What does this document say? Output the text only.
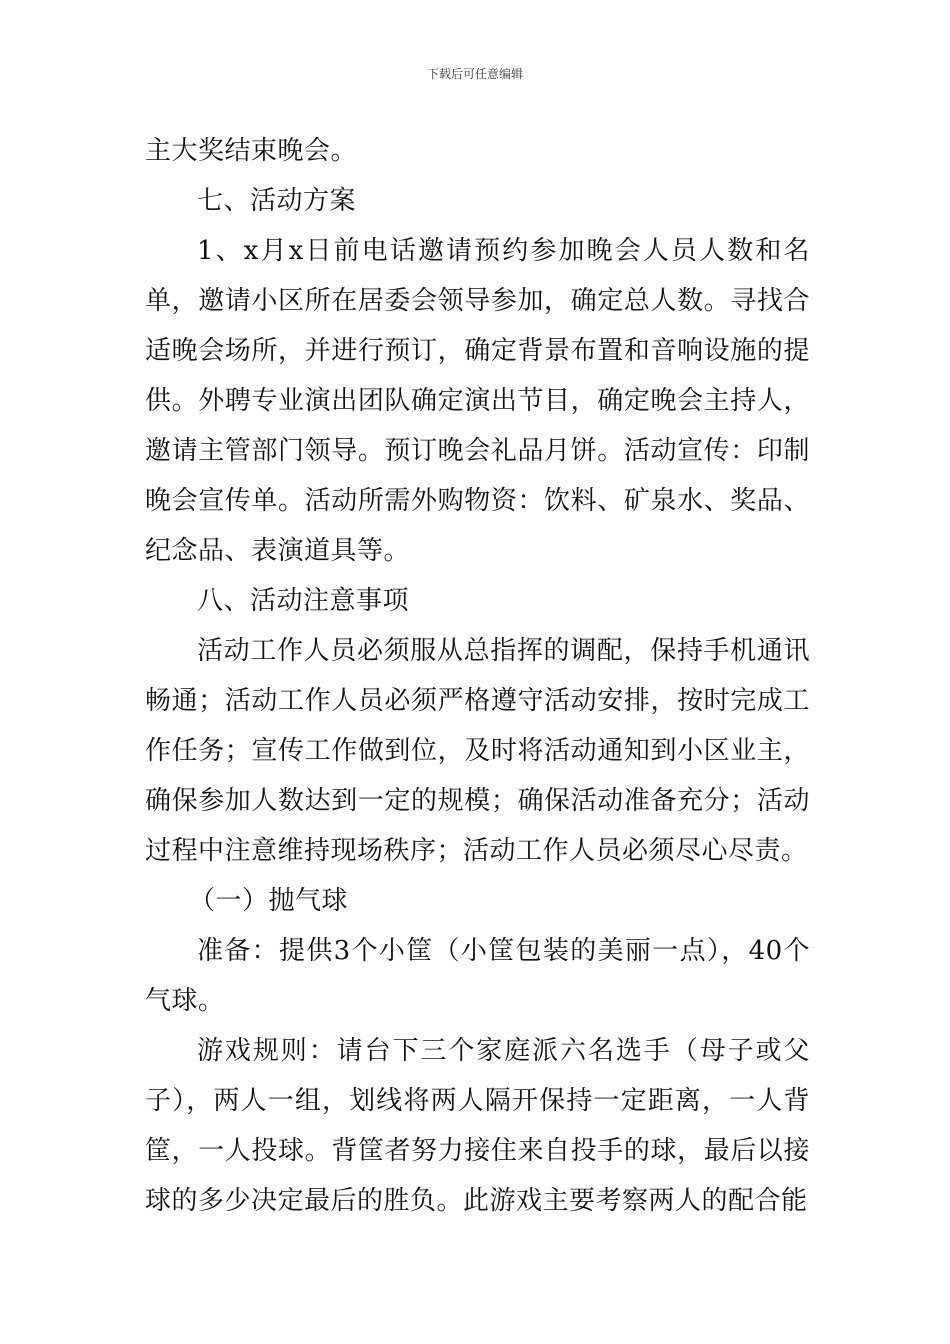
下载后可任意编辑

主大奖结束晚会。

七、活动方案

1、x月x日前电话邀请预约参加晚会人员人数和名单，邀请小区所在居委会领导参加，确定总人数。寻找合适晚会场所，并进行预订，确定背景布置和音响设施的提供。外聘专业演出团队确定演出节目，确定晚会主持人，邀请主管部门领导。预订晚会礼品月饼。活动宣传：印制晚会宣传单。活动所需外购物资：饮料、矿泉水、奖品、纪念品、表演道具等。

八、活动注意事项

活动工作人员必须服从总指挥的调配，保持手机通讯畅通；活动工作人员必须严格遵守活动安排，按时完成工作任务；宣传工作做到位，及时将活动通知到小区业主，确保参加人数达到一定的规模；确保活动准备充分；活动过程中注意维持现场秩序；活动工作人员必须尽心尽责。

（一）抛气球

准备：提供3个小筐（小筐包装的美丽一点），40个气球。

游戏规则：请台下三个家庭派六名选手（母子或父子），两人一组，划线将两人隔开保持一定距离，一人背筐，一人投球。背筐者努力接住来自投手的球，最后以接球的多少决定最后的胜负。此游戏主要考察两人的配合能
